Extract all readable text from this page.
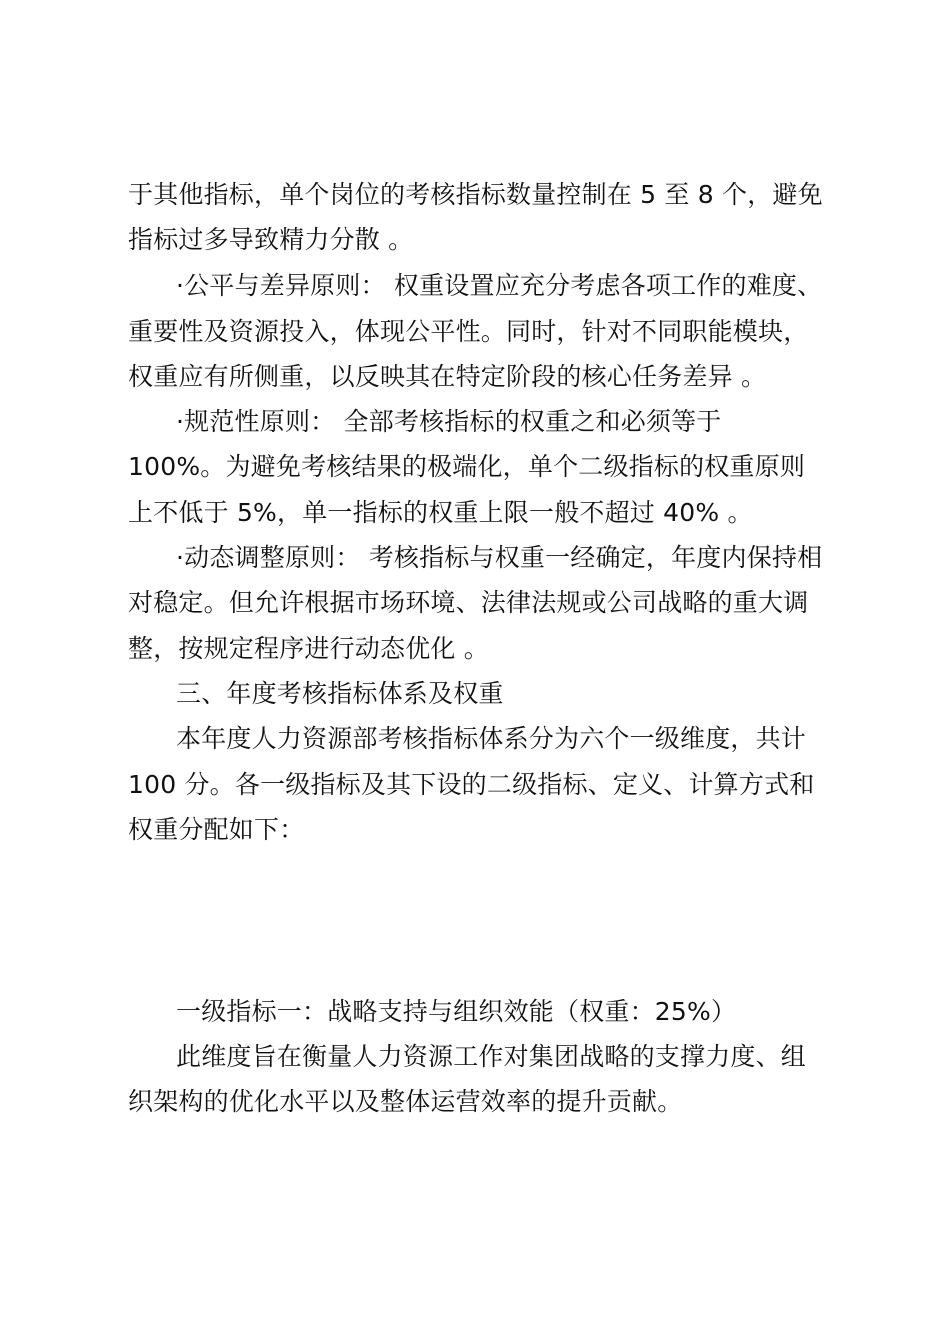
于其他指标，单个岗位的考核指标数量控制在 5 至 8 个，避免
指标过多导致精力分散 。
·公平与差异原则： 权重设置应充分考虑各项工作的难度、
重要性及资源投入，体现公平性。同时，针对不同职能模块，
权重应有所侧重，以反映其在特定阶段的核心任务差异 。
·规范性原则： 全部考核指标的权重之和必须等于
100%。为避免考核结果的极端化，单个二级指标的权重原则
上不低于 5%，单一指标的权重上限一般不超过 40% 。
·动态调整原则： 考核指标与权重一经确定，年度内保持相
对稳定。但允许根据市场环境、法律法规或公司战略的重大调
整，按规定程序进行动态优化 。
三、年度考核指标体系及权重
本年度人力资源部考核指标体系分为六个一级维度，共计
100 分。各一级指标及其下设的二级指标、定义、计算方式和
权重分配如下：
一级指标一：战略支持与组织效能（权重：25%）
此维度旨在衡量人力资源工作对集团战略的支撑力度、组
织架构的优化水平以及整体运营效率的提升贡献。
